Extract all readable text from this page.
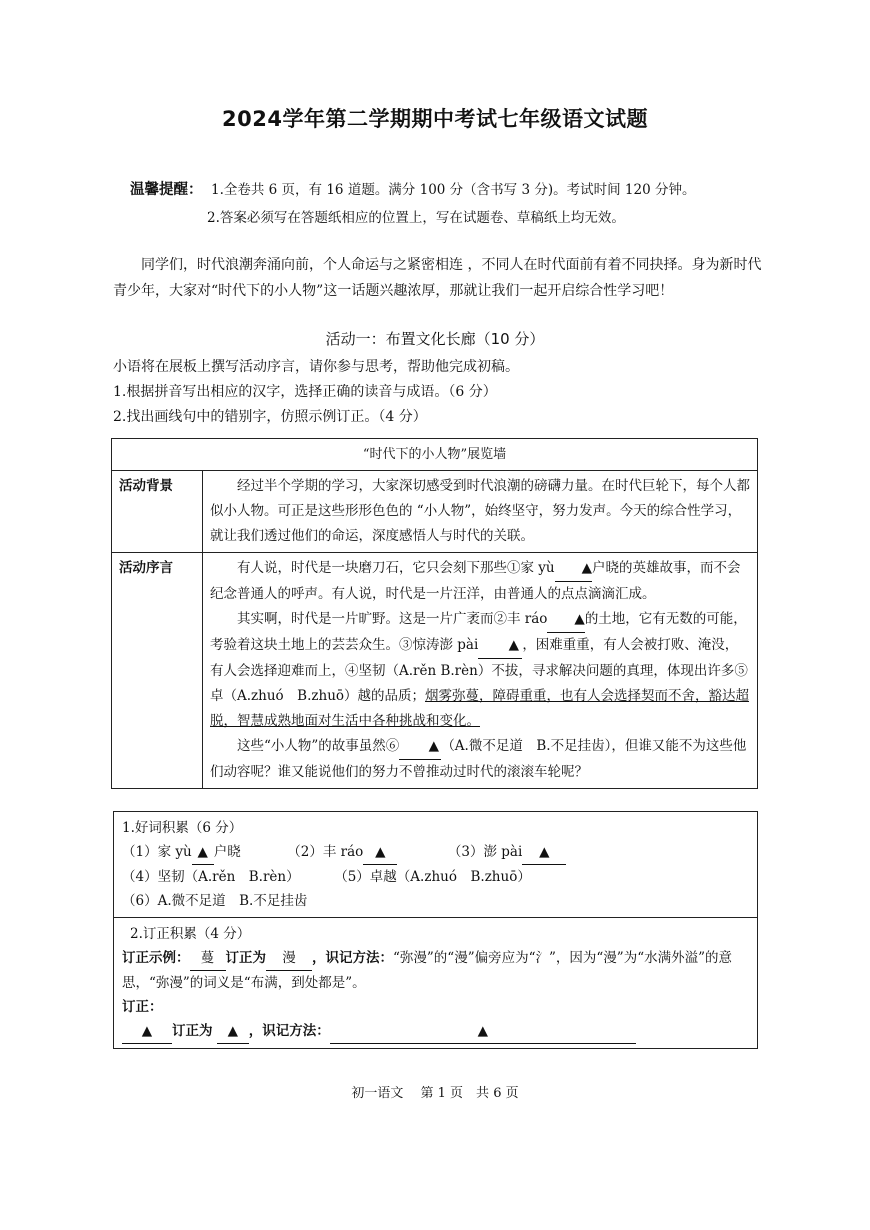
2024学年第二学期期中考试七年级语文试题
温馨提醒： 1.全卷共 6 页，有 16 道题。满分 100 分（含书写 3 分)。考试时间 120 分钟。
2.答案必须写在答题纸相应的位置上，写在试题卷、草稿纸上均无效。
同学们，时代浪潮奔涌向前，个人命运与之紧密相连 ，不同人在时代面前有着不同抉择。身为新时代青少年，大家对“时代下的小人物”这一话题兴趣浓厚，那就让我们一起开启综合性学习吧！
活动一：布置文化长廊（10 分）
小语将在展板上撰写活动序言，请你参与思考，帮助他完成初稿。
1.根据拼音写出相应的汉字，选择正确的读音与成语。（6 分）
2.找出画线句中的错别字，仿照示例订正。（4 分）
“时代下的小人物”展览墙	
活动背景	经过半个学期的学习，大家深切感受到时代浪潮的磅礴力量。在时代巨轮下，每个人都似小人物。可正是这些形形色色的 “小人物”，始终坚守，努力发声。今天的综合性学习，就让我们透过他们的命运，深度感悟人与时代的关联。

活动序言	有人说，时代是一块磨刀石，它只会刻下那些①家 yù ▲户晓的英雄故事，而不会纪念普通人的呼声。有人说，时代是一片汪洋，由普通人的点点滴滴汇成。

其实啊，时代是一片旷野。这是一片广袤而②丰 ráo ▲的土地，它有无数的可能，考验着这块土地上的芸芸众生。③惊涛澎 pài ▲ ，困难重重，有人会被打败、淹没，有人会选择迎难而上，④坚韧（A.rěn B.rèn）不拔，寻求解决问题的真理，体现出许多⑤卓（A.zhuó　B.zhuō）越的品质；烟雾弥蔓，障碍重重，也有人会选择契而不舍，豁达超脱，智慧成熟地面对生活中各种挑战和变化。

这些“小人物”的故事虽然⑥ ▲ （A.微不足道　B.不足挂齿），但谁又能不为这些他们动容呢？谁又能说他们的努力不曾推动过时代的滚滚车轮呢？

1.好词积累（6 分）
（1）家 yù ▲ 户晓	（2）丰 ráo ▲	（3）澎 pài ▲
（4）坚韧（A.rěn　B.rèn）	（5）卓越（A.zhuó　B.zhuō）
（6）A.微不足道　B.不足挂齿

2.订正积累（4 分）
订正示例： 蔓 订正为 漫 ，识记方法：“弥漫”的“漫”偏旁应为“氵”，因为“漫”为“水满外溢”的意思，“弥漫”的词义是“布满，到处都是”。
订正：
▲ 订正为 ▲ ，识记方法：	▲
初一语文　 第 1 页　共 6 页
